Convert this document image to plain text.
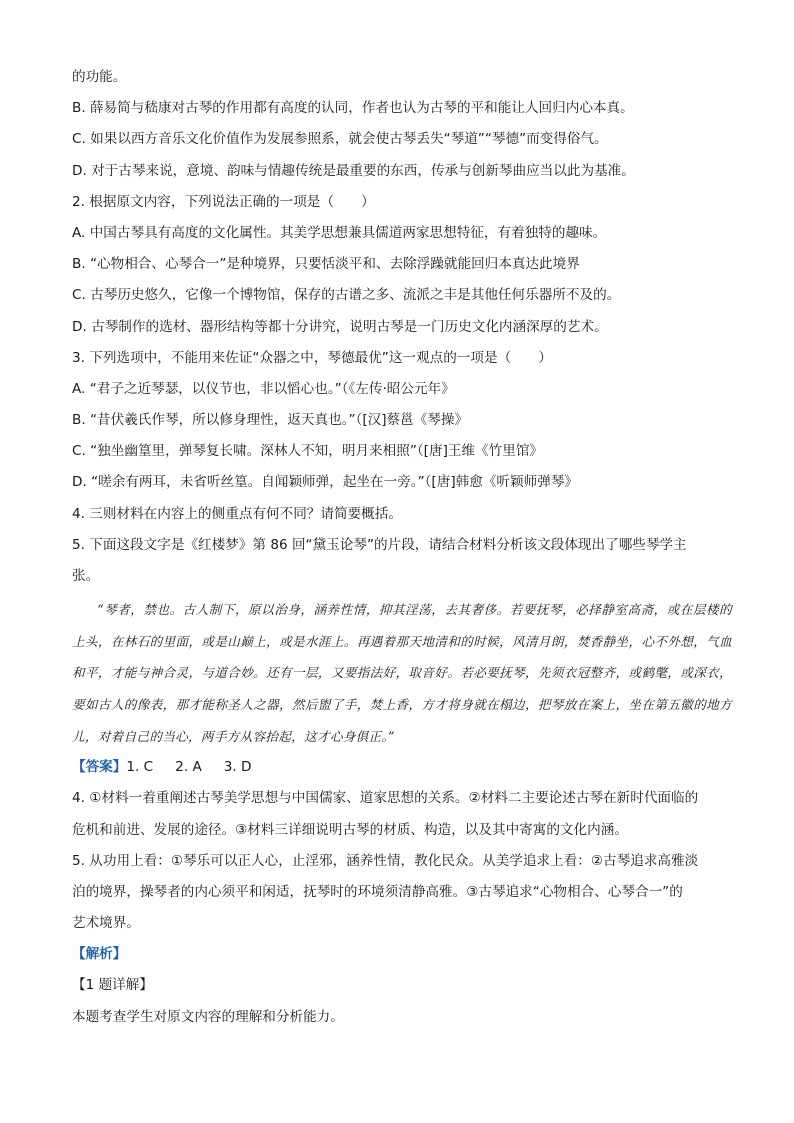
的功能。
B. 薛易简与嵇康对古琴的作用都有高度的认同，作者也认为古琴的平和能让人回归内心本真。
C. 如果以西方音乐文化价值作为发展参照系，就会使古琴丢失“琴道”“琴德”而变得俗气。
D. 对于古琴来说，意境、韵味与情趣传统是最重要的东西，传承与创新琴曲应当以此为基准。
2. 根据原文内容，下列说法正确的一项是（　　）
A. 中国古琴具有高度的文化属性。其美学思想兼具儒道两家思想特征，有着独特的趣味。
B. “心物相合、心琴合一”是种境界，只要恬淡平和、去除浮躁就能回归本真达此境界
C. 古琴历史悠久，它像一个博物馆，保存的古谱之多、流派之丰是其他任何乐器所不及的。
D. 古琴制作的选材、器形结构等都十分讲究，说明古琴是一门历史文化内涵深厚的艺术。
3. 下列选项中，不能用来佐证“众器之中，琴德最优”这一观点的一项是（　　）
A. “君子之近琴瑟，以仪节也，非以慆心也。”（《左传·昭公元年》
B. “昔伏羲氏作琴，所以修身理性，返天真也。”（[汉]蔡邕《琴操》
C. “独坐幽篁里，弹琴复长啸。深林人不知，明月来相照”（[唐]王维《竹里馆》
D. “嗟余有两耳，未省听丝篁。自闻颖师弹，起坐在一旁。”（[唐]韩愈《听颖师弹琴》
4. 三则材料在内容上的侧重点有何不同？请简要概括。
5. 下面这段文字是《红楼梦》第 86 回“黛玉论琴”的片段，请结合材料分析该文段体现出了哪些琴学主
张。

“琴者，禁也。古人制下，原以治身，涵养性情，抑其淫荡，去其奢侈。若要抚琴，必择静室高斋，或在层楼的上头，在林石的里面，或是山巅上，或是水涯上。再遇着那天地清和的时候，风清月朗，焚香静坐，心不外想，气血和平，才能与神合灵，与道合妙。还有一层，又要指法好，取音好。若必要抚琴，先须衣冠整齐，或鹤氅，或深衣，要如古人的像表，那才能称圣人之器，然后盥了手，焚上香，方才将身就在榻边，把琴放在案上，坐在第五徽的地方儿，对着自己的当心，两手方从容抬起，这才心身俱正。”

【答案】1. C 2. A 3. D
4. ①材料一着重阐述古琴美学思想与中国儒家、道家思想的关系。②材料二主要论述古琴在新时代面临的
危机和前进、发展的途径。③材料三详细说明古琴的材质、构造，以及其中寄寓的文化内涵。
5. 从功用上看：①琴乐可以正人心，止淫邪，涵养性情，教化民众。从美学追求上看：②古琴追求高雅淡
泊的境界，操琴者的内心须平和闲适，抚琴时的环境须清静高雅。③古琴追求“心物相合、心琴合一”的
艺术境界。
【解析】
【1 题详解】
本题考查学生对原文内容的理解和分析能力。
